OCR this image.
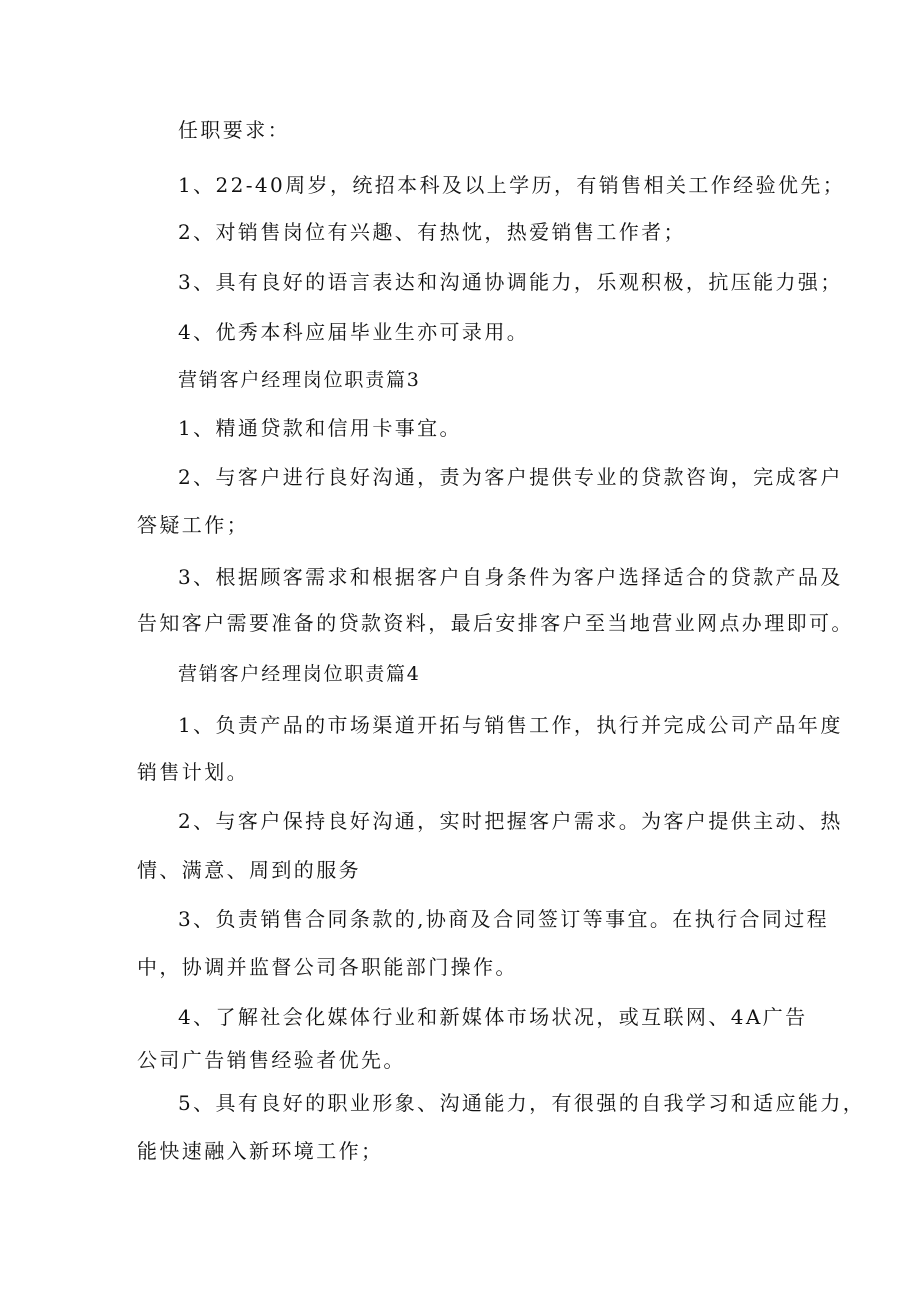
任职要求：

1、22-40周岁，统招本科及以上学历，有销售相关工作经验优先；

2、对销售岗位有兴趣、有热忱，热爱销售工作者；

3、具有良好的语言表达和沟通协调能力，乐观积极，抗压能力强；

4、优秀本科应届毕业生亦可录用。

营销客户经理岗位职责篇3

1、精通贷款和信用卡事宜。

2、与客户进行良好沟通，责为客户提供专业的贷款咨询，完成客户

答疑工作；

3、根据顾客需求和根据客户自身条件为客户选择适合的贷款产品及

告知客户需要准备的贷款资料，最后安排客户至当地营业网点办理即可。

营销客户经理岗位职责篇4

1、负责产品的市场渠道开拓与销售工作，执行并完成公司产品年度

销售计划。

2、与客户保持良好沟通，实时把握客户需求。为客户提供主动、热

情、满意、周到的服务

3、负责销售合同条款的,协商及合同签订等事宜。在执行合同过程

中，协调并监督公司各职能部门操作。

4、了解社会化媒体行业和新媒体市场状况，或互联网、4A广告

公司广告销售经验者优先。

5、具有良好的职业形象、沟通能力，有很强的自我学习和适应能力，

能快速融入新环境工作；
